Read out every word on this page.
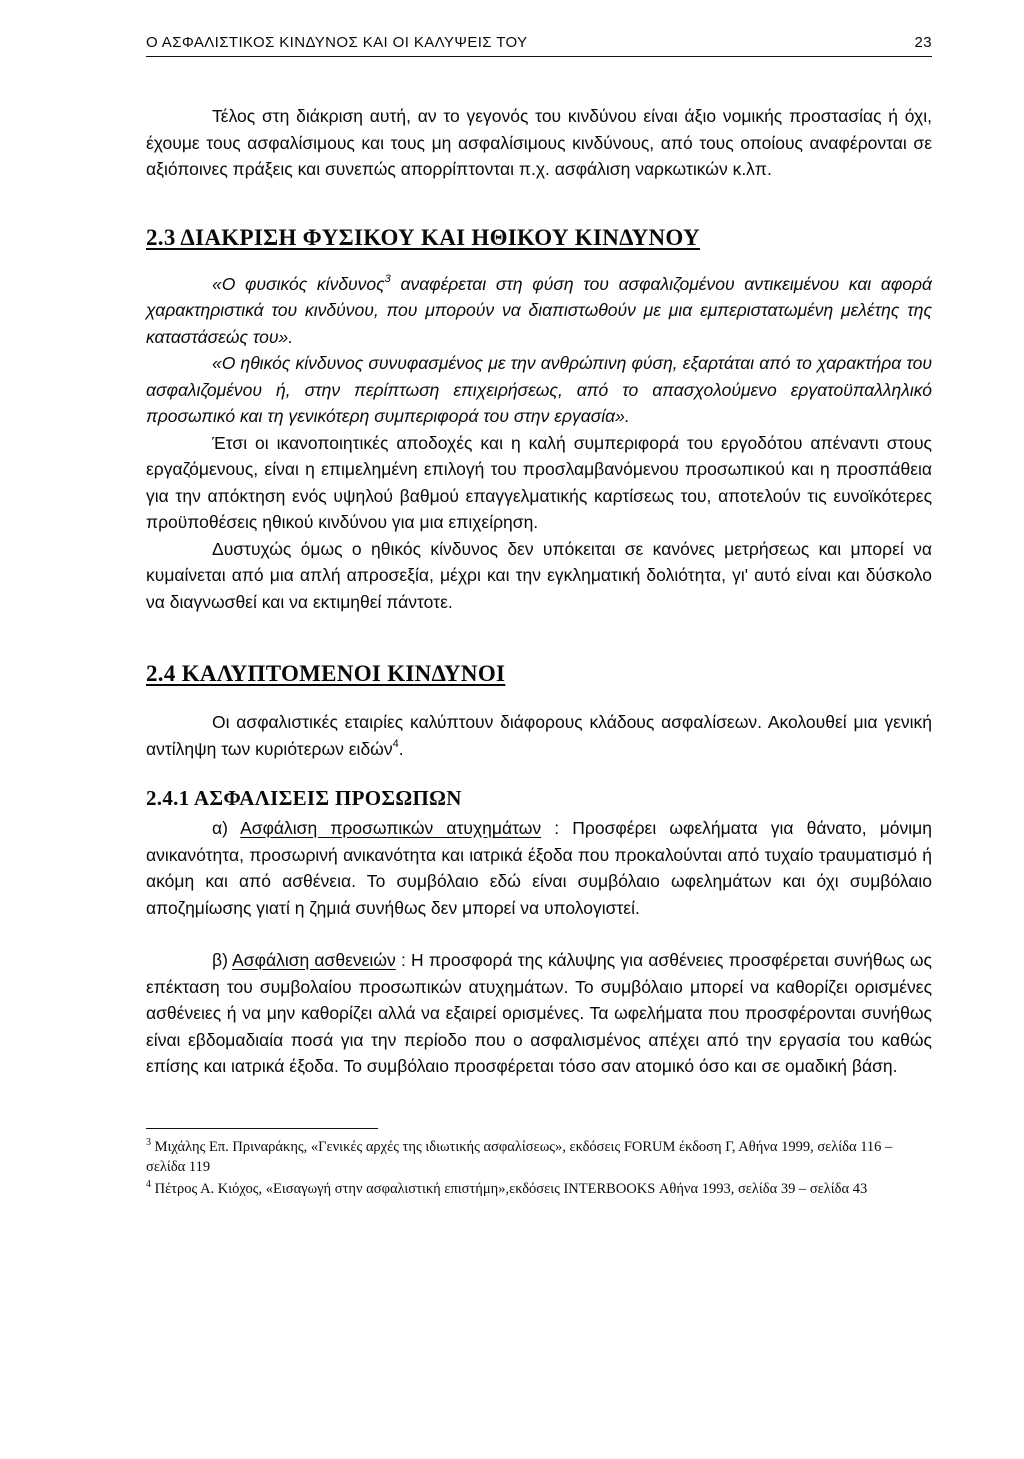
Ο ΑΣΦΑΛΙΣΤΙΚΟΣ ΚΙΝΔΥΝΟΣ ΚΑΙ ΟΙ ΚΑΛΥΨΕΙΣ ΤΟΥ	23

Τέλος στη διάκριση αυτή, αν το γεγονός του κινδύνου είναι άξιο νομικής προστασίας ή όχι, έχουμε τους ασφαλίσιμους και τους μη ασφαλίσιμους κινδύνους, από τους οποίους αναφέρονται σε αξιόποινες πράξεις και συνεπώς απορρίπτονται π.χ. ασφάλιση ναρκωτικών κ.λπ.

2.3 ΔΙΑΚΡΙΣΗ ΦΥΣΙΚΟΥ ΚΑΙ ΗΘΙΚΟΥ ΚΙΝΔΥΝΟΥ

«Ο φυσικός κίνδυνος$^3$ αναφέρεται στη φύση του ασφαλιζομένου αντικειμένου και αφορά χαρακτηριστικά του κινδύνου, που μπορούν να διαπιστωθούν με μια εμπεριστατωμένη μελέτης της καταστάσεώς του».

«Ο ηθικός κίνδυνος συνυφασμένος με την ανθρώπινη φύση, εξαρτάται από το χαρακτήρα του ασφαλιζομένου ή, στην περίπτωση επιχειρήσεως, από το απασχολούμενο εργατοϋπαλληλικό προσωπικό και τη γενικότερη συμπεριφορά του στην εργασία».

Έτσι οι ικανοποιητικές αποδοχές και η καλή συμπεριφορά του εργοδότου απέναντι στους εργαζόμενους, είναι η επιμελημένη επιλογή του προσλαμβανόμενου προσωπικού και η προσπάθεια για την απόκτηση ενός υψηλού βαθμού επαγγελματικής καρτίσεως του, αποτελούν τις ευνοϊκότερες προϋποθέσεις ηθικού κινδύνου για μια επιχείρηση.

Δυστυχώς όμως ο ηθικός κίνδυνος δεν υπόκειται σε κανόνες μετρήσεως και μπορεί να κυμαίνεται από μια απλή απροσεξία, μέχρι και την εγκληματική δολιότητα, γι' αυτό είναι και δύσκολο να διαγνωσθεί και να εκτιμηθεί πάντοτε.

2.4 ΚΑΛΥΠΤΟΜΕΝΟΙ ΚΙΝΔΥΝΟΙ

Οι ασφαλιστικές εταιρίες καλύπτουν διάφορους κλάδους ασφαλίσεων. Ακολουθεί μια γενική αντίληψη των κυριότερων ειδών$^4$.

2.4.1 ΑΣΦΑΛΙΣΕΙΣ ΠΡΟΣΩΠΩΝ

α) Ασφάλιση προσωπικών ατυχημάτων : Προσφέρει ωφελήματα για θάνατο, μόνιμη ανικανότητα, προσωρινή ανικανότητα και ιατρικά έξοδα που προκαλούνται από τυχαίο τραυματισμό ή ακόμη και από ασθένεια. Το συμβόλαιο εδώ είναι συμβόλαιο ωφελημάτων και όχι συμβόλαιο αποζημίωσης γιατί η ζημιά συνήθως δεν μπορεί να υπολογιστεί.

β) Ασφάλιση ασθενειών : Η προσφορά της κάλυψης για ασθένειες προσφέρεται συνήθως ως επέκταση του συμβολαίου προσωπικών ατυχημάτων. Το συμβόλαιο μπορεί να καθορίζει ορισμένες ασθένειες ή να μην καθορίζει αλλά να εξαιρεί ορισμένες. Τα ωφελήματα που προσφέρονται συνήθως είναι εβδομαδιαία ποσά για την περίοδο που ο ασφαλισμένος απέχει από την εργασία του καθώς επίσης και ιατρικά έξοδα. Το συμβόλαιο προσφέρεται τόσο σαν ατομικό όσο και σε ομαδική βάση.

$^3$ Μιχάλης Επ. Πριναράκης, «Γενικές αρχές της ιδιωτικής ασφαλίσεως», εκδόσεις FORUM έκδοση Γ, Αθήνα 1999, σελίδα 116 – σελίδα 119

$^4$ Πέτρος Α. Κιόχος, «Εισαγωγή στην ασφαλιστική επιστήμη»,εκδόσεις INTERBOOKS Αθήνα 1993, σελίδα 39 – σελίδα 43
